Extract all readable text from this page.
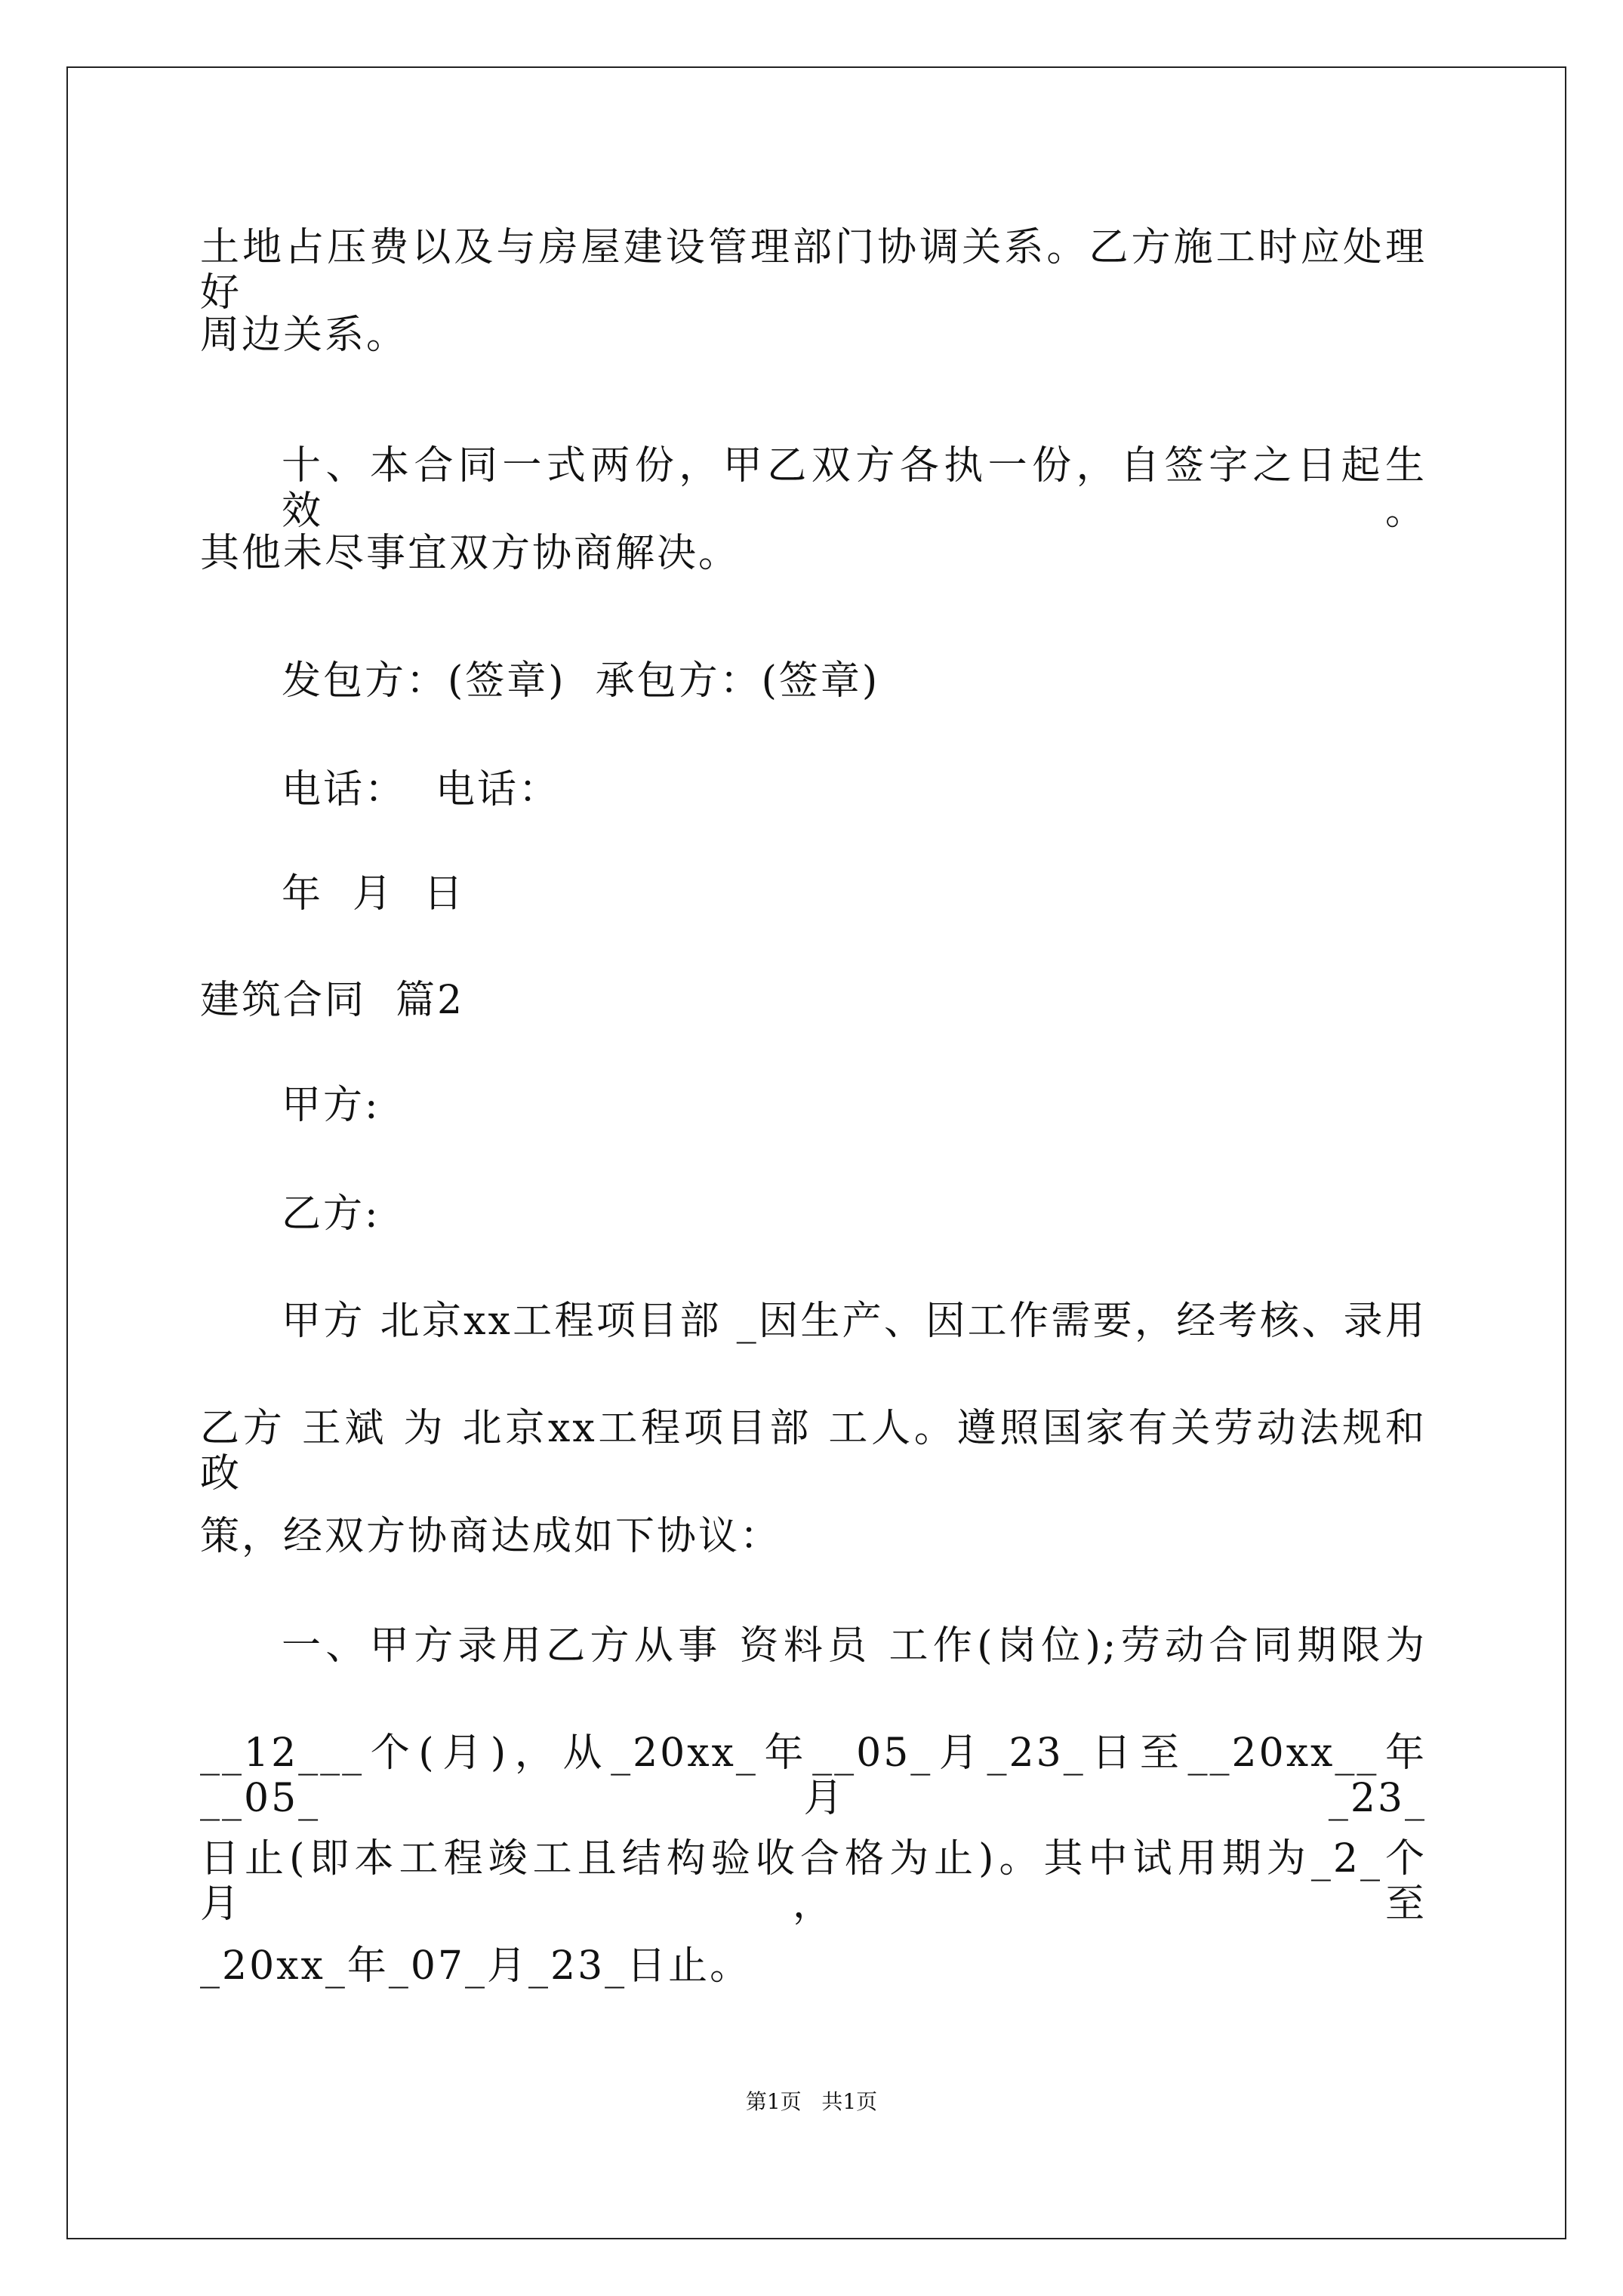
土地占压费以及与房屋建设管理部门协调关系。乙方施工时应处理好
周边关系。
十、本合同一式两份，甲乙双方各执一份，自签字之日起生效。
其他未尽事宜双方协商解决。
发包方：(签章)  承包方：(签章)
电话：  电话：
年  月  日
建筑合同  篇2
甲方:
乙方:
甲方 北京xx工程项目部 _因生产、因工作需要，经考核、录用
乙方 王斌 为 北京xx工程项目部 工人。遵照国家有关劳动法规和政
策，经双方协商达成如下协议：
一、甲方录用乙方从事 资料员 工作(岗位);劳动合同期限为
__12___个(月)，从_20xx_年__05_月_23_日至__20xx__年__05_月_23_
日止(即本工程竣工且结构验收合格为止)。其中试用期为_2_个月，至
_20xx_年_07_月_23_日止。
第1页   共1页
